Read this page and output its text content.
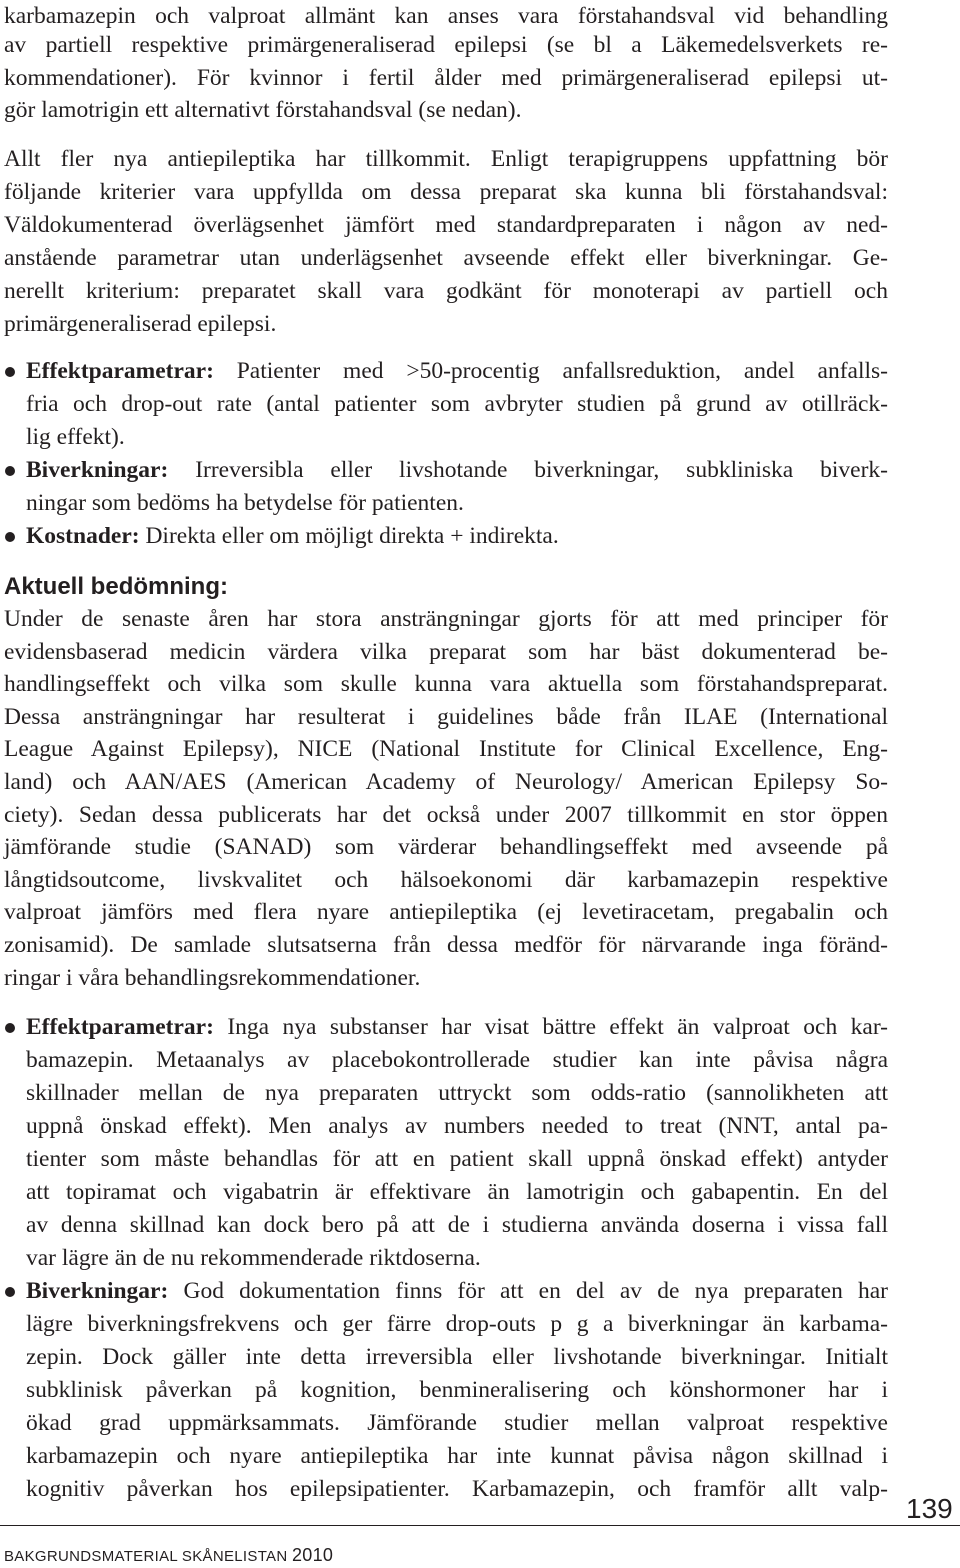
karbamazepin och valproat allmänt kan anses vara förstahandsval vid behandling
av partiell respektive primärgeneraliserad epilepsi (se bl a Läkemedelsverkets re-
kommendationer). För kvinnor i fertil ålder med primärgeneraliserad epilepsi ut-
gör lamotrigin ett alternativt förstahandsval (se nedan).
Allt fler nya antiepileptika har tillkommit. Enligt terapigruppens uppfattning bör
följande kriterier vara uppfyllda om dessa preparat ska kunna bli förstahandsval:
Väldokumenterad överlägsenhet jämfört med standardpreparaten i någon av ned-
anstående parametrar utan underlägsenhet avseende effekt eller biverkningar. Ge-
nerellt kriterium: preparatet skall vara godkänt för monoterapi av partiell och
primärgeneraliserad epilepsi.
Effektparametrar: Patienter med >50-procentig anfallsreduktion, andel anfalls-
fria och drop-out rate (antal patienter som avbryter studien på grund av otillräck-
lig effekt).
Biverkningar: Irreversibla eller livshotande biverkningar, subkliniska biverk-
ningar som bedöms ha betydelse för patienten.
Kostnader: Direkta eller om möjligt direkta + indirekta.
Aktuell bedömning:
Under de senaste åren har stora ansträngningar gjorts för att med principer för
evidensbaserad medicin värdera vilka preparat som har bäst dokumenterad be-
handlingseffekt och vilka som skulle kunna vara aktuella som förstahandspreparat.
Dessa ansträngningar har resulterat i guidelines både från ILAE (International
League Against Epilepsy), NICE (National Institute for Clinical Excellence, Eng-
land) och AAN/AES (American Academy of Neurology/ American Epilepsy So-
ciety). Sedan dessa publicerats har det också under 2007 tillkommit en stor öppen
jämförande studie (SANAD) som värderar behandlingseffekt med avseende på
långtidsoutcome, livskvalitet och hälsoekonomi där karbamazepin respektive
valproat jämförs med flera nyare antiepileptika (ej levetiracetam, pregabalin och
zonisamid). De samlade slutsatserna från dessa medför för närvarande inga föränd-
ringar i våra behandlingsrekommendationer.
Effektparametrar: Inga nya substanser har visat bättre effekt än valproat och kar-
bamazepin. Metaanalys av placebokontrollerade studier kan inte påvisa några
skillnader mellan de nya preparaten uttryckt som odds-ratio (sannolikheten att
uppnå önskad effekt). Men analys av numbers needed to treat (NNT, antal pa-
tienter som måste behandlas för att en patient skall uppnå önskad effekt) antyder
att topiramat och vigabatrin är effektivare än lamotrigin och gabapentin. En del
av denna skillnad kan dock bero på att de i studierna använda doserna i vissa fall
var lägre än de nu rekommenderade riktdoserna.
Biverkningar: God dokumentation finns för att en del av de nya preparaten har
lägre biverkningsfrekvens och ger färre drop-outs p g a biverkningar än karbama-
zepin. Dock gäller inte detta irreversibla eller livshotande biverkningar. Initialt
subklinisk påverkan på kognition, benmineralisering och könshormoner har i
ökad grad uppmärksammats. Jämförande studier mellan valproat respektive
karbamazepin och nyare antiepileptika har inte kunnat påvisa någon skillnad i
kognitiv påverkan hos epilepsipatienter. Karbamazepin, och framför allt valp-
139
BAKGRUNDSMATERIAL SKÅNELISTAN 2010
